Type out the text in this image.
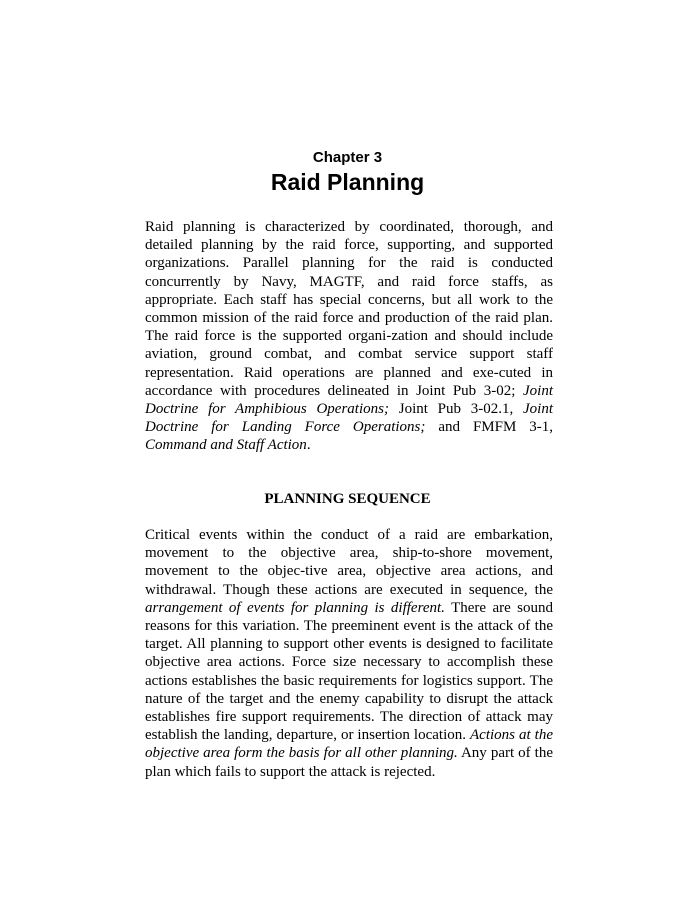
Chapter 3
Raid Planning

Raid planning is characterized by coordinated, thorough, and detailed planning by the raid force, supporting, and supported organizations. Parallel planning for the raid is conducted concurrently by Navy, MAGTF, and raid force staffs, as appropriate. Each staff has special concerns, but all work to the common mission of the raid force and production of the raid plan. The raid force is the supported organi-zation and should include aviation, ground combat, and combat service support staff representation. Raid operations are planned and exe-cuted in accordance with procedures delineated in Joint Pub 3-02; Joint Doctrine for Amphibious Operations; Joint Pub 3-02.1, Joint Doctrine for Landing Force Operations; and FMFM 3-1, Command and Staff Action.

PLANNING SEQUENCE

Critical events within the conduct of a raid are embarkation, movement to the objective area, ship-to-shore movement, movement to the objec-tive area, objective area actions, and withdrawal. Though these actions are executed in sequence, the arrangement of events for planning is different. There are sound reasons for this variation. The preeminent event is the attack of the target. All planning to support other events is designed to facilitate objective area actions. Force size necessary to accomplish these actions establishes the basic requirements for logistics support. The nature of the target and the enemy capability to disrupt the attack establishes fire support requirements. The direction of attack may establish the landing, departure, or insertion location. Actions at the objective area form the basis for all other planning. Any part of the plan which fails to support the attack is rejected.
